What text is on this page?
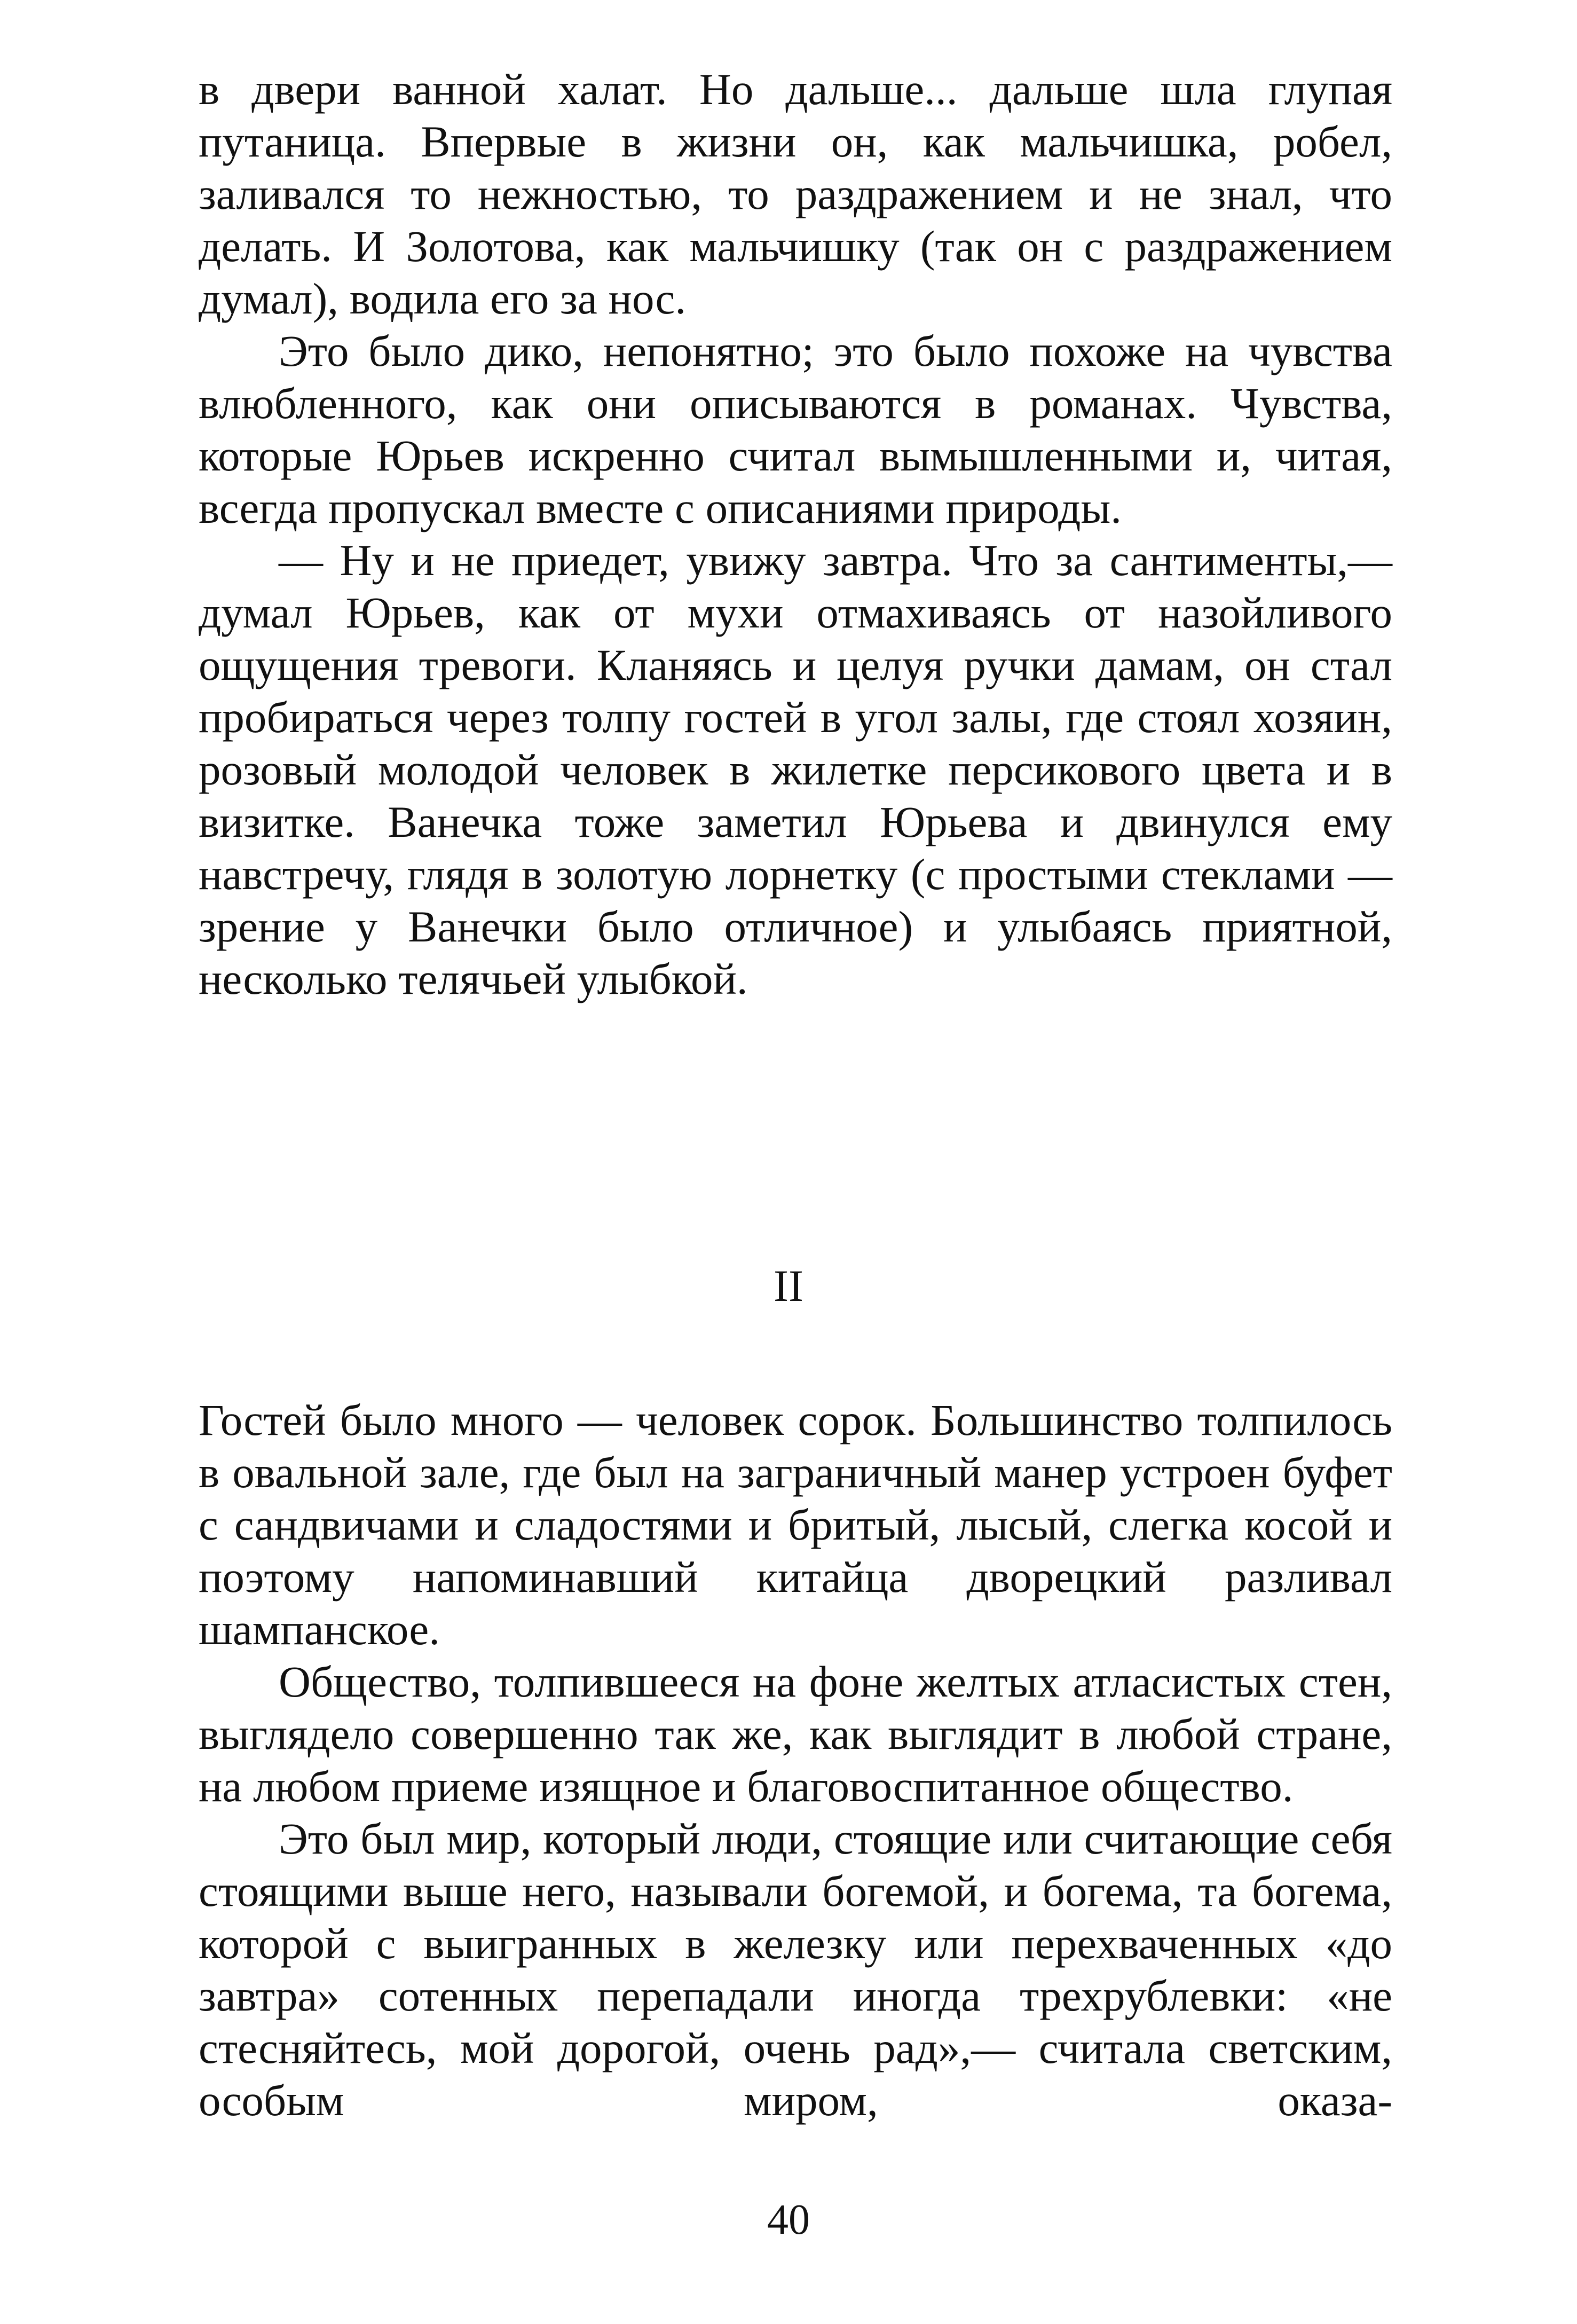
в двери ванной халат. Но дальше... дальше шла глупая путаница. Впервые в жизни он, как мальчишка, робел, заливался то нежностью, то раздражением и не знал, что делать. И Золотова, как мальчишку (так он с раздражением думал), водила его за нос.

Это было дико, непонятно; это было похоже на чувства влюбленного, как они описываются в романах. Чувства, которые Юрьев искренно считал вымышленными и, читая, всегда пропускал вместе с описаниями природы.

— Ну и не приедет, увижу завтра. Что за сантименты,— думал Юрьев, как от мухи отмахиваясь от назойливого ощущения тревоги. Кланяясь и целуя ручки дамам, он стал пробираться через толпу гостей в угол залы, где стоял хозяин, розовый молодой человек в жилетке персикового цвета и в визитке. Ванечка тоже заметил Юрьева и двинулся ему навстречу, глядя в золотую лорнетку (с простыми стеклами — зрение у Ванечки было отличное) и улыбаясь приятной, несколько телячьей улыбкой.

II

Гостей было много — человек сорок. Большинство толпилось в овальной зале, где был на заграничный манер устроен буфет с сандвичами и сладостями и бритый, лысый, слегка косой и поэтому напоминавший китайца дворецкий разливал шампанское.

Общество, толпившееся на фоне желтых атласистых стен, выглядело совершенно так же, как выглядит в любой стране, на любом приеме изящное и благовоспитанное общество.

Это был мир, который люди, стоящие или считающие себя стоящими выше него, называли богемой, и богема, та богема, которой с выигранных в железку или перехваченных «до завтра» сотенных перепадали иногда трехрублевки: «не стесняйтесь, мой дорогой, очень рад»,— считала светским, особым миром, оказа-

40
